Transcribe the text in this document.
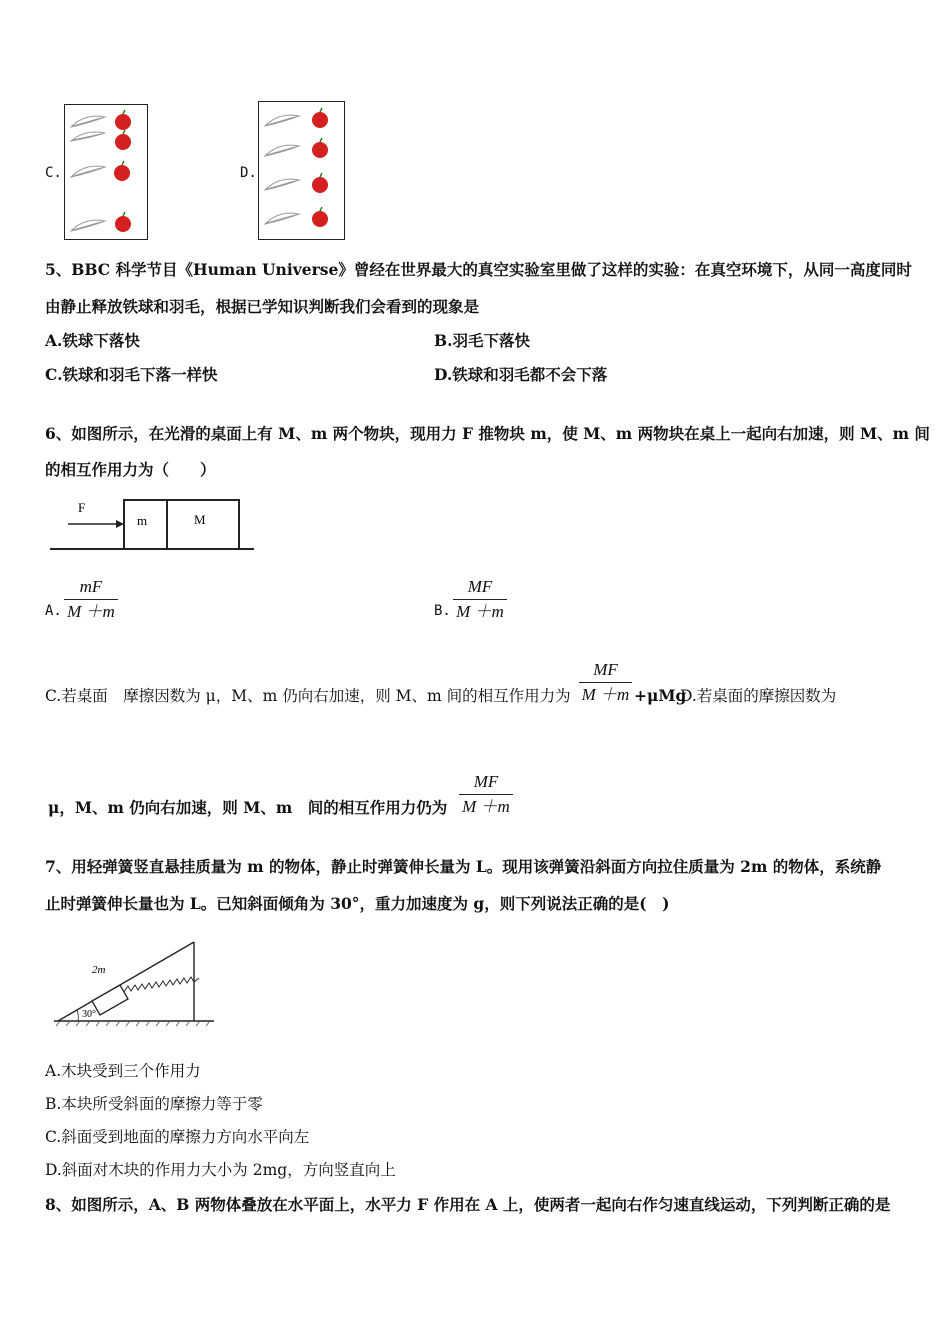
C.	D.
5、BBC 科学节目《Human Universe》曾经在世界最大的真空实验室里做了这样的实验：在真空环境下，从同一高度同时
由静止释放铁球和羽毛，根据已学知识判断我们会看到的现象是
A.铁球下落快	B.羽毛下落快
C.铁球和羽毛下落一样快	D.铁球和羽毛都不会下落
6、如图所示，在光滑的桌面上有 M、m 两个物块，现用力 F 推物块 m，使 M、m 两物块在桌上一起向右加速，则 M、m 间
的相互作用力为（　　）
F
m	M
A.
mF
M ＋m	B.
MF
M ＋m
C.若桌面　摩擦因数为 μ，M、m 仍向右加速，则 M、m 间的相互作用力为
MF
M ＋m +μMg
D.若桌面的摩擦因数为
μ，M、m 仍向右加速，则 M、m　间的相互作用力仍为
MF
M ＋m
7、用轻弹簧竖直悬挂质量为 m 的物体，静止时弹簧伸长量为 L。现用该弹簧沿斜面方向拉住质量为 2m 的物体，系统静
止时弹簧伸长量也为 L。已知斜面倾角为 30°，重力加速度为 g，则下列说法正确的是(　)
2m
30°
A.木块受到三个作用力
B.本块所受斜面的摩擦力等于零
C.斜面受到地面的摩擦力方向水平向左
D.斜面对木块的作用力大小为 2mg，方向竖直向上
8、如图所示，A、B 两物体叠放在水平面上，水平力 F 作用在 A 上，使两者一起向右作匀速直线运动，下列判断正确的是
